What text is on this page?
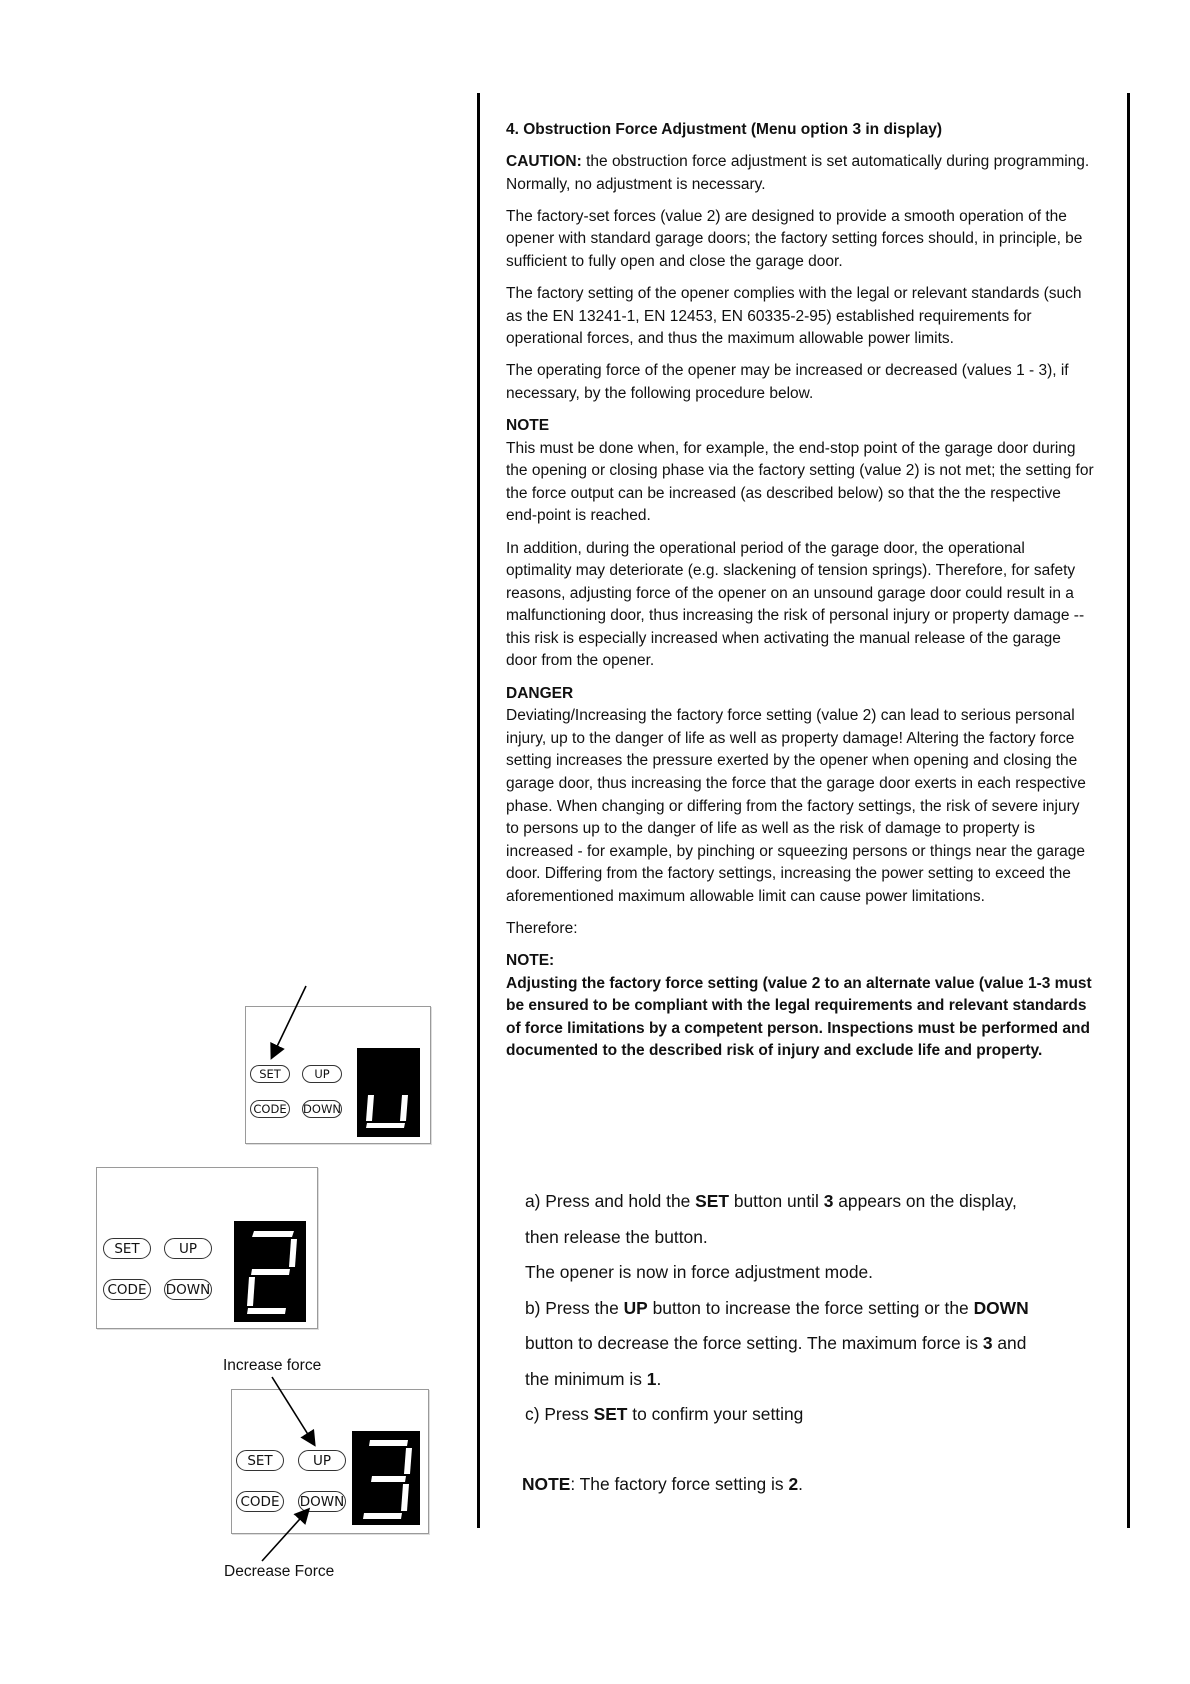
4. Obstruction Force Adjustment (Menu option 3 in display)

CAUTION: the obstruction force adjustment is set automatically during programming. Normally, no adjustment is necessary.

The factory-set forces (value 2) are designed to provide a smooth operation of the opener with standard garage doors; the factory setting forces should, in principle, be sufficient to fully open and close the garage door.

The factory setting of the opener complies with the legal or relevant standards (such as the EN 13241-1, EN 12453, EN 60335-2-95) established requirements for operational forces, and thus the maximum allowable power limits.

The operating force of the opener may be increased or decreased (values 1 - 3), if necessary, by the following procedure below.

NOTE

This must be done when, for example, the end-stop point of the garage door during the opening or closing phase via the factory setting (value 2) is not met; the setting for the force output can be increased (as described below) so that the the respective end-point is reached.

In addition, during the operational period of the garage door, the operational optimality may deteriorate (e.g. slackening of tension springs). Therefore, for safety reasons, adjusting force of the opener on an unsound garage door could result in a malfunctioning door, thus increasing the risk of personal injury or property damage -- this risk is especially increased when activating the manual release of the garage door from the opener.

DANGER

Deviating/Increasing the factory force setting (value 2) can lead to serious personal injury, up to the danger of life as well as property damage! Altering the factory force setting increases the pressure exerted by the opener when opening and closing the garage door, thus increasing the force that the garage door exerts in each respective phase. When changing or differing from the factory settings, the risk of severe injury to persons up to the danger of life as well as the risk of damage to property is increased - for example, by pinching or squeezing persons or things near the garage door. Differing from the factory settings, increasing the power setting to exceed the aforementioned maximum allowable limit can cause power limitations.

Therefore:

NOTE:

Adjusting the factory force setting (value 2 to an alternate value (value 1-3 must be ensured to be compliant with the legal requirements and relevant standards of force limitations by a competent person. Inspections must be performed and documented to the described risk of injury and exclude life and property.

a) Press and hold the SET button until 3 appears on the display,
then release the button.
The opener is now in force adjustment mode.
b) Press the UP button to increase the force setting or the DOWN
button to decrease the force setting. The maximum force is 3 and
the minimum is 1.
c) Press SET to confirm your setting
NOTE: The factory force setting is 2.
SET	UP
CODE DOWN
SET	UP
CODE	DOWN
SET	UP
CODE	DOWN
Increase force
Decrease Force
